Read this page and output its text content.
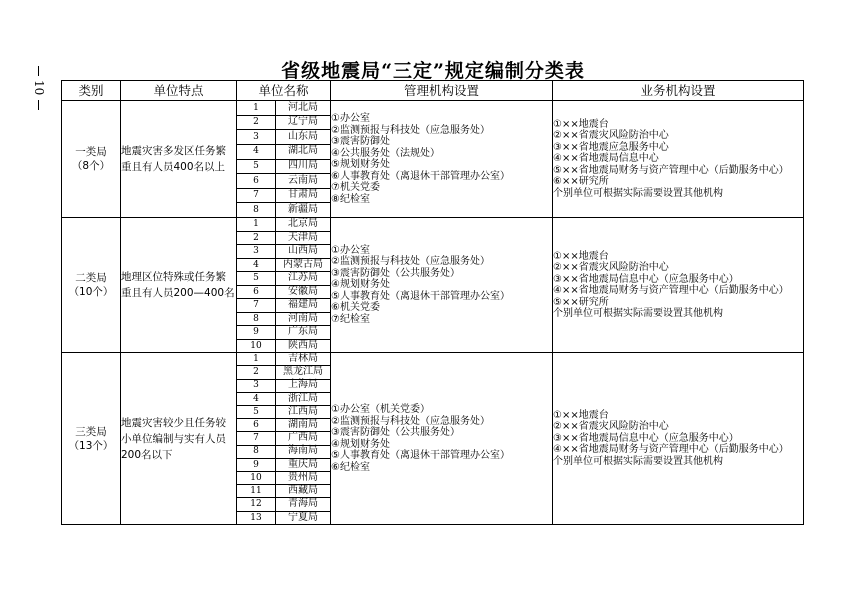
10
省级地震局“三定”规定编制分类表
类别	单位特点	单位名称	管理机构设置	业务机构设置

一类局
（8个）
	地震灾害多发区任务繁重且有人员400名以上	
1	河北局
2	辽宁局
3	山东局
4	湖北局
5	四川局
6	云南局
7	甘肃局
8	新疆局

①办公室
②监测预报与科技处（应急服务处）
③震害防御处
④公共服务处（法规处）
⑤规划财务处
⑥人事教育处（离退休干部管理办公室）
⑦机关党委
⑧纪检室

①××地震台
②××省震灾风险防治中心
③××省地震应急服务中心
④××省地震局信息中心
⑤××省地震局财务与资产管理中心（后勤服务中心）
⑥××研究所
个别单位可根据实际需要设置其他机构

二类局
（10个）
	地理区位特殊或任务繁重且有人员200—400名	
1	北京局
2	天津局
3	山西局
4	内蒙古局
5	江苏局
6	安徽局
7	福建局
8	河南局
9	广东局
10	陕西局

①办公室
②监测预报与科技处（应急服务处）
③震害防御处（公共服务处）
④规划财务处
⑤人事教育处（离退休干部管理办公室）
⑥机关党委
⑦纪检室

①××地震台
②××省震灾风险防治中心
③××省地震局信息中心（应急服务中心）
④××省地震局财务与资产管理中心（后勤服务中心）
⑤××研究所
个别单位可根据实际需要设置其他机构

三类局
（13个）
	地震灾害较少且任务较小单位编制与实有人员200名以下	
1	吉林局
2	黑龙江局
3	上海局
4	浙江局
5	江西局
6	湖南局
7	广西局
8	海南局
9	重庆局
10	贵州局
11	西藏局
12	青海局
13	宁夏局

①办公室（机关党委）
②监测预报与科技处（应急服务处）
③震害防御处（公共服务处）
④规划财务处
⑤人事教育处（离退休干部管理办公室）
⑥纪检室

①××地震台
②××省震灾风险防治中心
③××省地震局信息中心（应急服务中心）
④××省地震局财务与资产管理中心（后勤服务中心）
个别单位可根据实际需要设置其他机构
